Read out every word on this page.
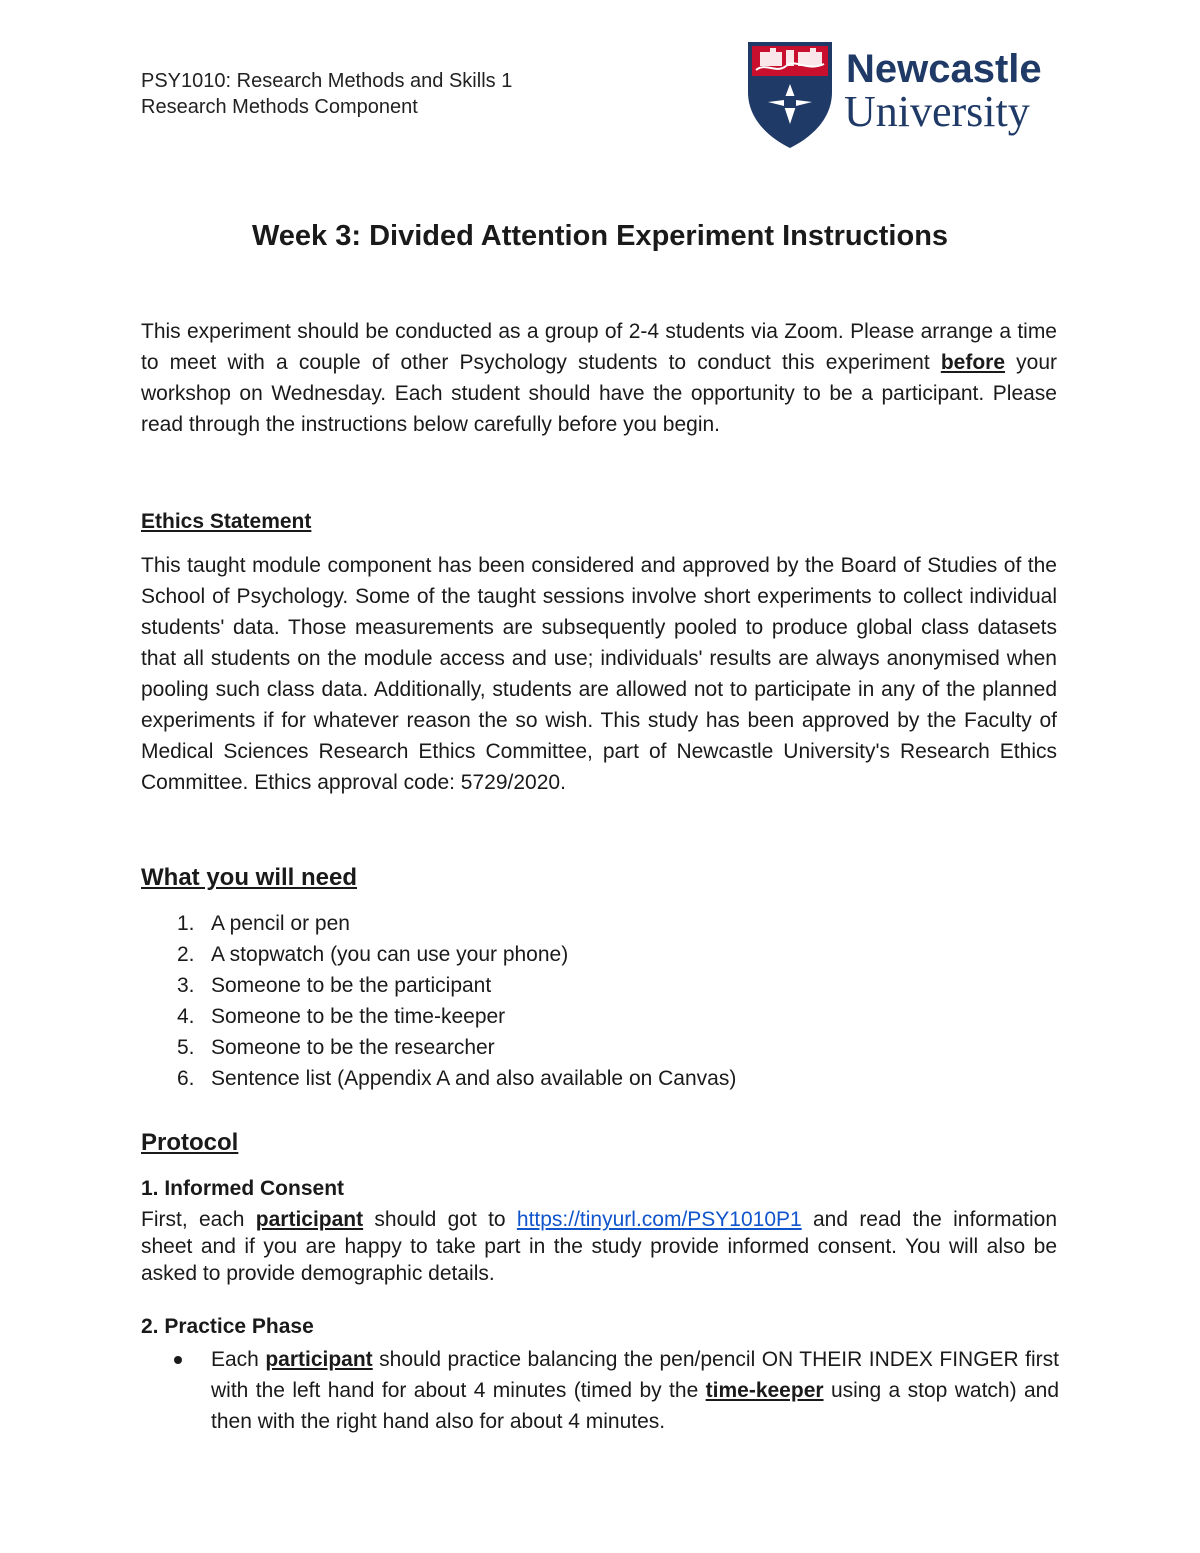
PSY1010: Research Methods and Skills 1
Research Methods Component
Newcastle
University
Week 3: Divided Attention Experiment Instructions
This experiment should be conducted as a group of 2-4 students via Zoom. Please arrange a time to meet with a couple of other Psychology students to conduct this experiment before your workshop on Wednesday. Each student should have the opportunity to be a participant. Please read through the instructions below carefully before you begin.
Ethics Statement
This taught module component has been considered and approved by the Board of Studies of the School of Psychology. Some of the taught sessions involve short experiments to collect individual students' data. Those measurements are subsequently pooled to produce global class datasets that all students on the module access and use; individuals' results are always anonymised when pooling such class data. Additionally, students are allowed not to participate in any of the planned experiments if for whatever reason the so wish. This study has been approved by the Faculty of Medical Sciences Research Ethics Committee, part of Newcastle University's Research Ethics Committee. Ethics approval code: 5729/2020.
What you will need
1. A pencil or pen
2. A stopwatch (you can use your phone)
3. Someone to be the participant
4. Someone to be the time-keeper
5. Someone to be the researcher
6. Sentence list (Appendix A and also available on Canvas)
Protocol
1. Informed Consent
First, each participant should got to https://tinyurl.com/PSY1010P1 and read the information sheet and if you are happy to take part in the study provide informed consent. You will also be asked to provide demographic details.
2. Practice Phase
Each participant should practice balancing the pen/pencil ON THEIR INDEX FINGER first with the left hand for about 4 minutes (timed by the time-keeper using a stop watch) and then with the right hand also for about 4 minutes.
